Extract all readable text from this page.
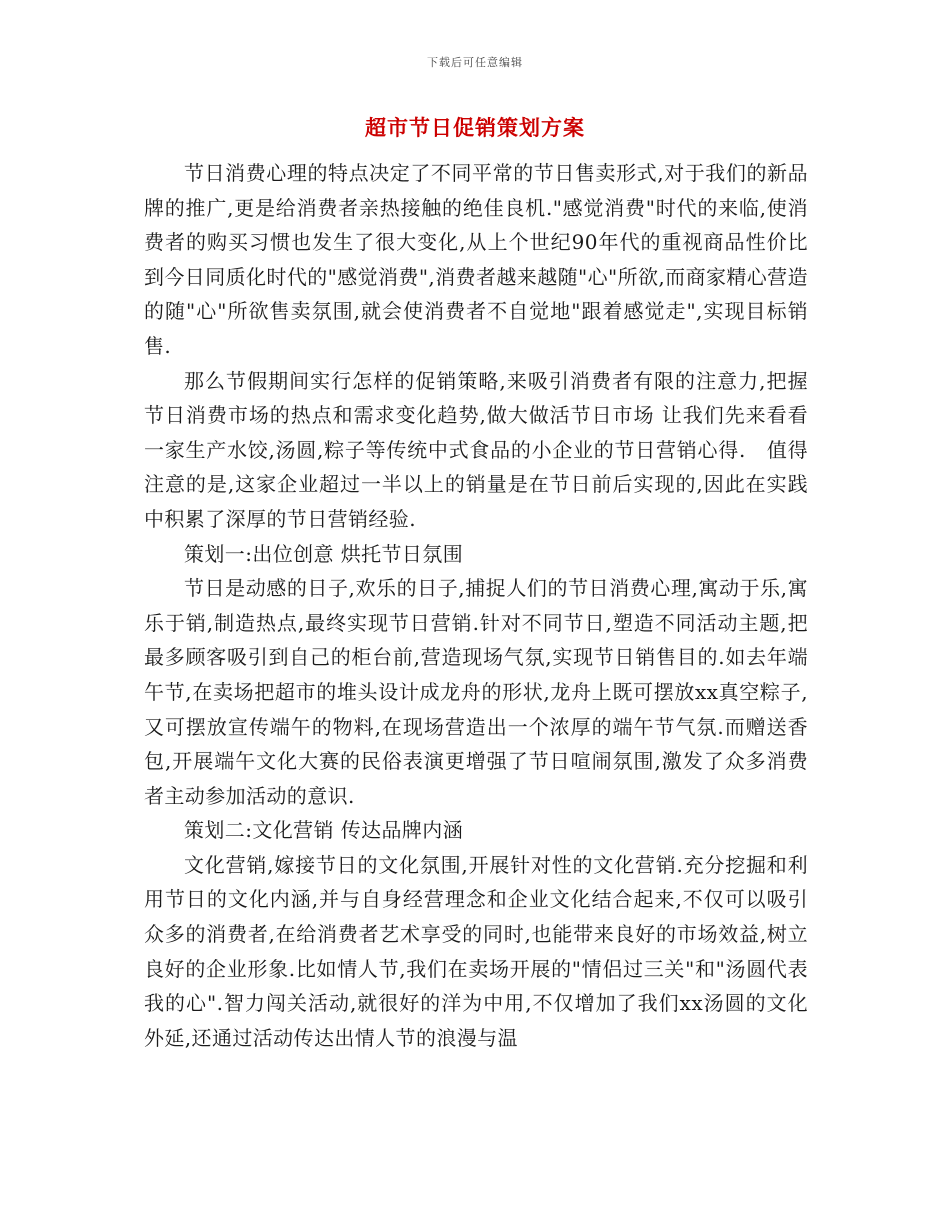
下载后可任意编辑
超市节日促销策划方案

节日消费心理的特点决定了不同平常的节日售卖形式,对于我们的新品牌的推广,更是给消费者亲热接触的绝佳良机."感觉消费"时代的来临,使消费者的购买习惯也发生了很大变化,从上个世纪90年代的重视商品性价比到今日同质化时代的"感觉消费",消费者越来越随"心"所欲,而商家精心营造的随"心"所欲售卖氛围,就会使消费者不自觉地"跟着感觉走",实现目标销售.

那么节假期间实行怎样的促销策略,来吸引消费者有限的注意力,把握节日消费市场的热点和需求变化趋势,做大做活节日市场 让我们先来看看一家生产水饺,汤圆,粽子等传统中式食品的小企业的节日营销心得.　值得注意的是,这家企业超过一半以上的销量是在节日前后实现的,因此在实践中积累了深厚的节日营销经验.

策划一:出位创意 烘托节日氛围

节日是动感的日子,欢乐的日子,捕捉人们的节日消费心理,寓动于乐,寓乐于销,制造热点,最终实现节日营销.针对不同节日,塑造不同活动主题,把最多顾客吸引到自己的柜台前,营造现场气氛,实现节日销售目的.如去年端午节,在卖场把超市的堆头设计成龙舟的形状,龙舟上既可摆放xx真空粽子,又可摆放宣传端午的物料,在现场营造出一个浓厚的端午节气氛.而赠送香包,开展端午文化大赛的民俗表演更增强了节日喧闹氛围,激发了众多消费者主动参加活动的意识.

策划二:文化营销 传达品牌内涵

文化营销,嫁接节日的文化氛围,开展针对性的文化营销.充分挖掘和利用节日的文化内涵,并与自身经营理念和企业文化结合起来,不仅可以吸引众多的消费者,在给消费者艺术享受的同时,也能带来良好的市场效益,树立良好的企业形象.比如情人节,我们在卖场开展的"情侣过三关"和"汤圆代表我的心".智力闯关活动,就很好的洋为中用,不仅增加了我们xx汤圆的文化外延,还通过活动传达出情人节的浪漫与温
